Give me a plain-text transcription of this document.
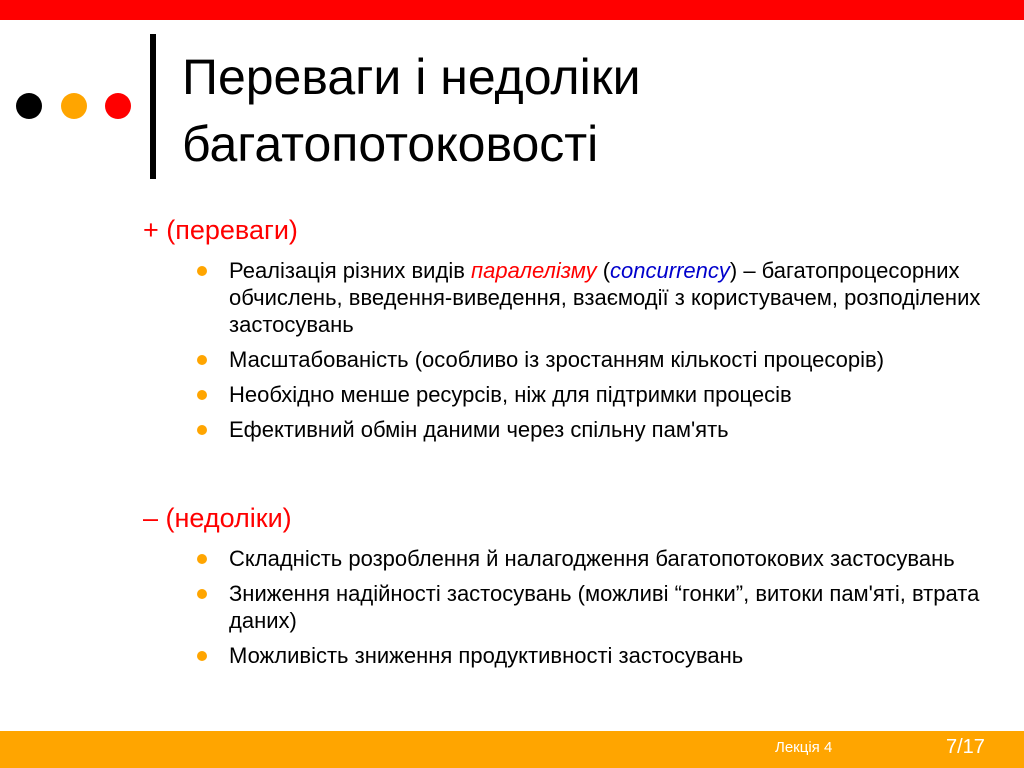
Переваги і недоліки
багатопотоковості
+ (переваги)
Реалізація різних видів паралелізму (concurrency) – багатопроцесорних обчислень, введення-виведення, взаємодії з користувачем, розподілених застосувань
Масштабованість (особливо із зростанням кількості процесорів)
Необхідно менше ресурсів, ніж для підтримки процесів
Ефективний обмін даними через спільну пам'ять
– (недоліки)
Складність розроблення й налагодження багатопотокових застосувань
Зниження надійності застосувань (можливі “гонки”, витоки пам'яті, втрата даних)
Можливість зниження продуктивності застосувань
Лекція 4	7/17
